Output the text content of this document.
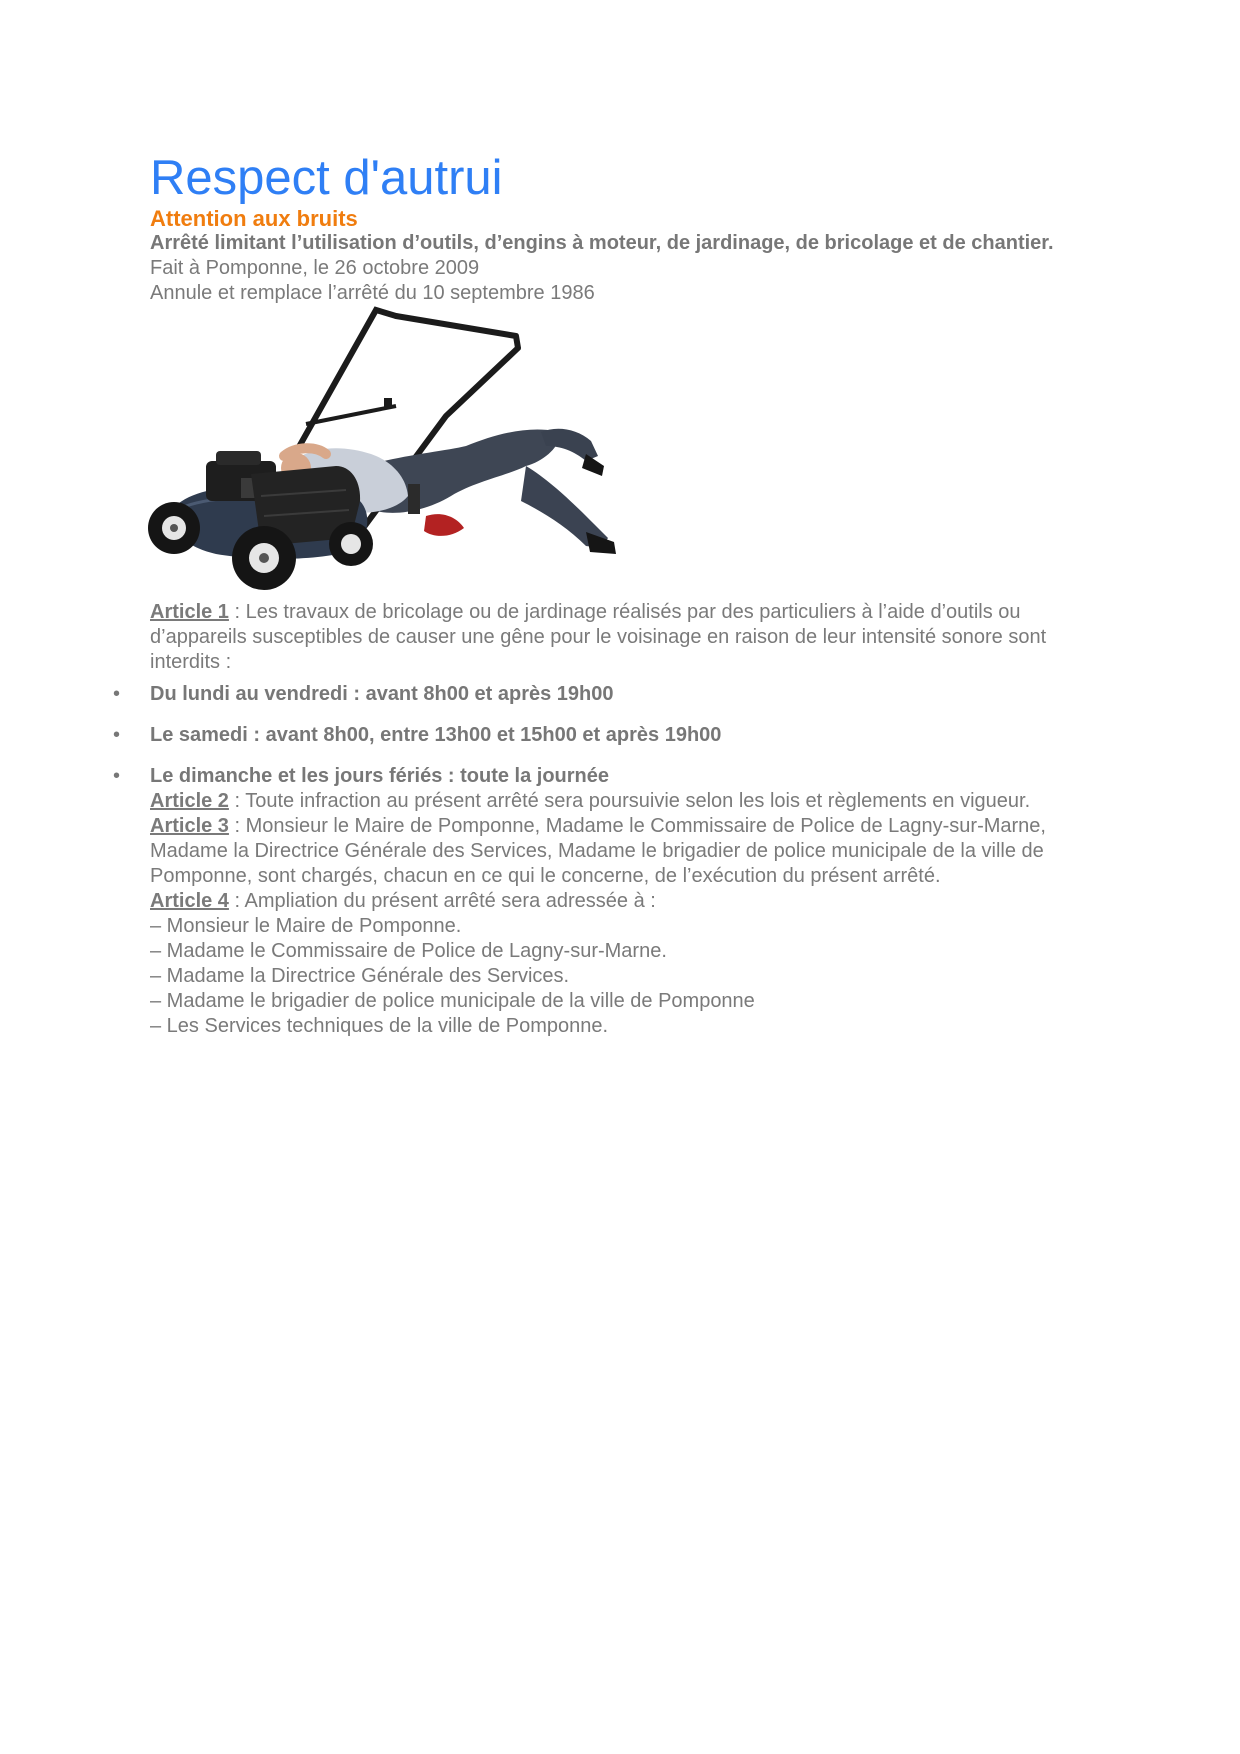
Respect d'autrui
Attention aux bruits

Arrêté limitant l’utilisation d’outils, d’engins à moteur, de jardinage, de bricolage et de chantier.

Fait à Pomponne, le 26 octobre 2009

Annule et remplace l’arrêté du 10 septembre 1986

Article 1 : Les travaux de bricolage ou de jardinage réalisés par des particuliers à l’aide d’outils ou d’appareils susceptibles de causer une gêne pour le voisinage en raison de leur intensité sonore sont interdits :

• Du lundi au vendredi : avant 8h00 et après 19h00
• Le samedi : avant 8h00, entre 13h00 et 15h00 et après 19h00
• Le dimanche et les jours fériés : toute la journée

Article 2 : Toute infraction au présent arrêté sera poursuivie selon les lois et règlements en vigueur.

Article 3 : Monsieur le Maire de Pomponne, Madame le Commissaire de Police de Lagny-sur-Marne, Madame la Directrice Générale des Services, Madame le brigadier de police municipale de la ville de Pomponne, sont chargés, chacun en ce qui le concerne, de l’exécution du présent arrêté.

Article 4 : Ampliation du présent arrêté sera adressée à :

– Monsieur le Maire de Pomponne.
– Madame le Commissaire de Police de Lagny-sur-Marne.
– Madame la Directrice Générale des Services.
– Madame le brigadier de police municipale de la ville de Pomponne
– Les Services techniques de la ville de Pomponne.
